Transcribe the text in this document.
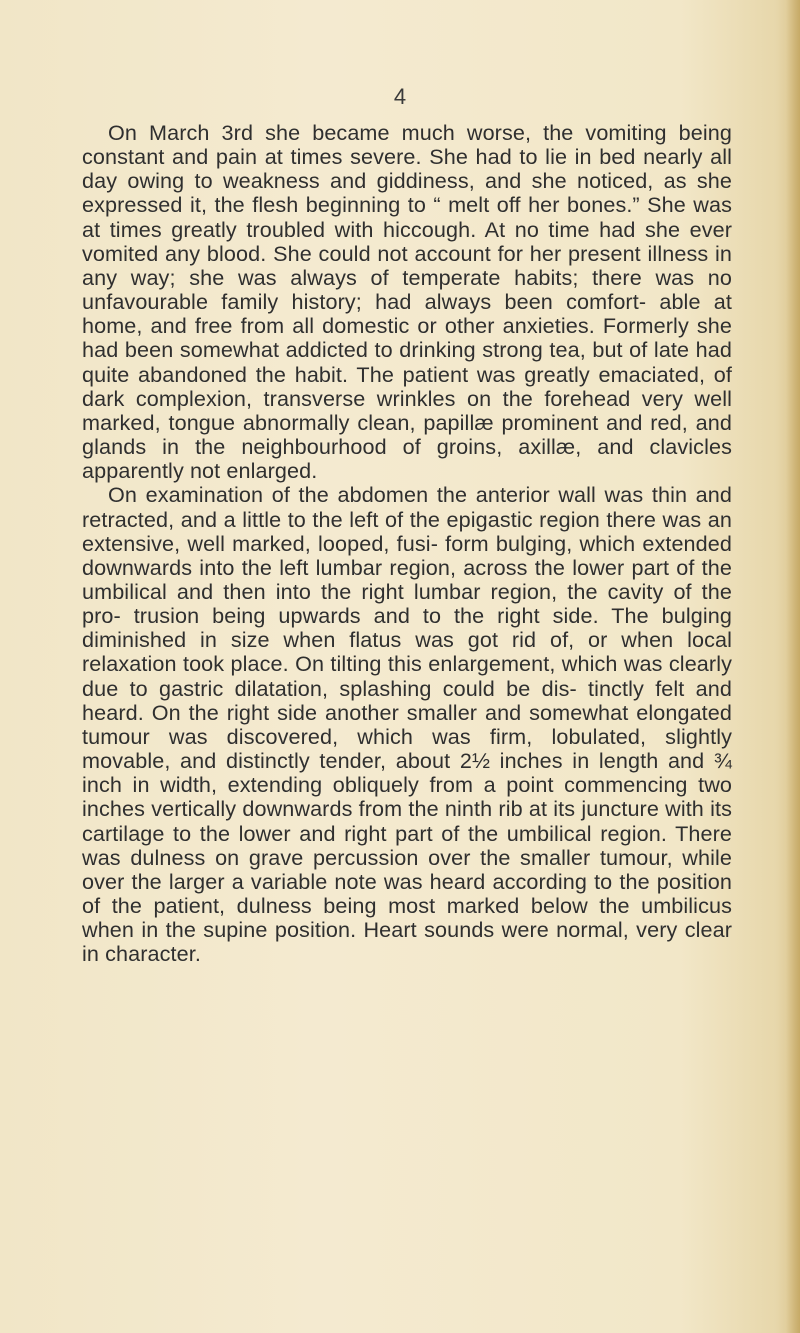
4

On March 3rd she became much worse, the vomiting being constant and pain at times severe. She had to lie in bed nearly all day owing to weakness and giddiness, and she noticed, as she expressed it, the flesh beginning to “ melt off her bones.” She was at times greatly troubled with hiccough. At no time had she ever vomited any blood. She could not account for her present illness in any way; she was always of temperate habits; there was no unfavourable family history; had always been comfort- able at home, and free from all domestic or other anxieties. Formerly she had been somewhat addicted to drinking strong tea, but of late had quite abandoned the habit. The patient was greatly emaciated, of dark complexion, transverse wrinkles on the forehead very well marked, tongue abnormally clean, papillæ prominent and red, and glands in the neighbourhood of groins, axillæ, and clavicles apparently not enlarged.

On examination of the abdomen the anterior wall was thin and retracted, and a little to the left of the epigastic region there was an extensive, well marked, looped, fusi- form bulging, which extended downwards into the left lumbar region, across the lower part of the umbilical and then into the right lumbar region, the cavity of the pro- trusion being upwards and to the right side. The bulging diminished in size when flatus was got rid of, or when local relaxation took place. On tilting this enlargement, which was clearly due to gastric dilatation, splashing could be dis- tinctly felt and heard. On the right side another smaller and somewhat elongated tumour was discovered, which was firm, lobulated, slightly movable, and distinctly tender, about 2½ inches in length and ¾ inch in width, extending obliquely from a point commencing two inches vertically downwards from the ninth rib at its juncture with its cartilage to the lower and right part of the umbilical region. There was dulness on grave percussion over the smaller tumour, while over the larger a variable note was heard according to the position of the patient, dulness being most marked below the umbilicus when in the supine position. Heart sounds were normal, very clear in character.
